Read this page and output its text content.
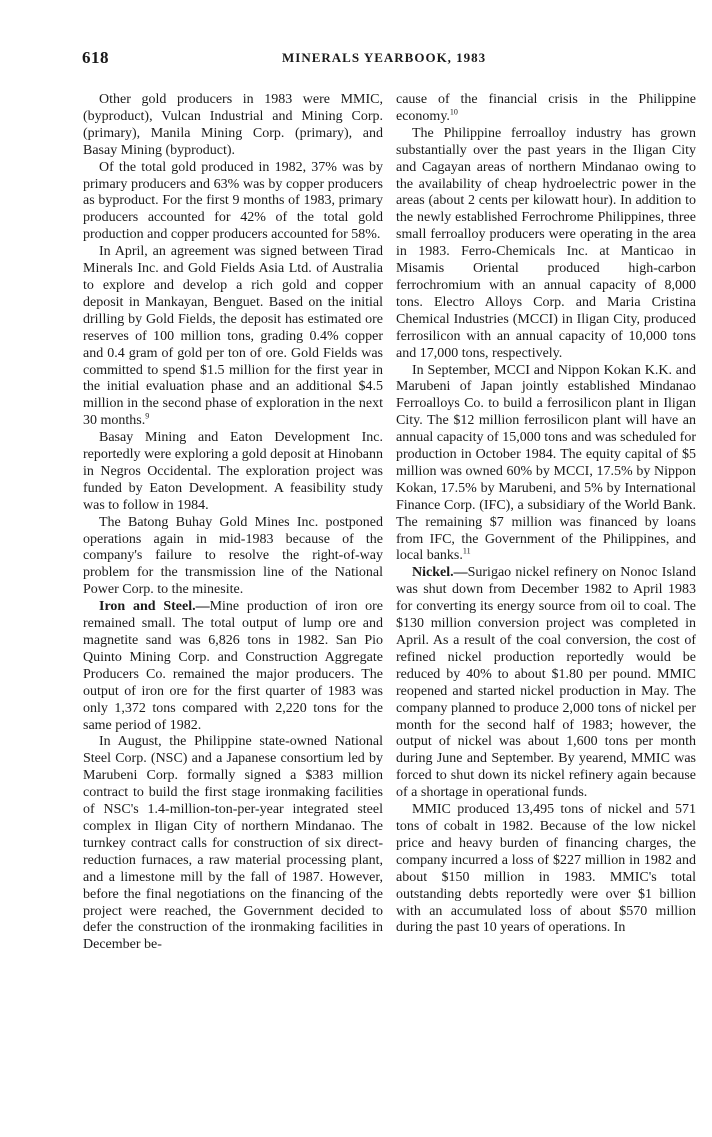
618	MINERALS YEARBOOK, 1983

Other gold producers in 1983 were MMIC, (byproduct), Vulcan Industrial and Mining Corp. (primary), Manila Mining Corp. (primary), and Basay Mining (byproduct).

Of the total gold produced in 1982, 37% was by primary producers and 63% was by copper producers as byproduct. For the first 9 months of 1983, primary producers accounted for 42% of the total gold production and copper producers accounted for 58%.

In April, an agreement was signed between Tirad Minerals Inc. and Gold Fields Asia Ltd. of Australia to explore and develop a rich gold and copper deposit in Mankayan, Benguet. Based on the initial drilling by Gold Fields, the deposit has estimated ore reserves of 100 million tons, grading 0.4% copper and 0.4 gram of gold per ton of ore. Gold Fields was committed to spend $1.5 million for the first year in the initial evaluation phase and an additional $4.5 million in the second phase of exploration in the next 30 months.$^9$

Basay Mining and Eaton Development Inc. reportedly were exploring a gold deposit at Hinobann in Negros Occidental. The exploration project was funded by Eaton Development. A feasibility study was to follow in 1984.

The Batong Buhay Gold Mines Inc. postponed operations again in mid-1983 because of the company's failure to resolve the right-of-way problem for the transmission line of the National Power Corp. to the minesite.

Iron and Steel.—Mine production of iron ore remained small. The total output of lump ore and magnetite sand was 6,826 tons in 1982. San Pio Quinto Mining Corp. and Construction Aggregate Producers Co. remained the major producers. The output of iron ore for the first quarter of 1983 was only 1,372 tons compared with 2,220 tons for the same period of 1982.

In August, the Philippine state-owned National Steel Corp. (NSC) and a Japanese consortium led by Marubeni Corp. formally signed a $383 million contract to build the first stage ironmaking facilities of NSC's 1.4-million-ton-per-year integrated steel complex in Iligan City of northern Mindanao. The turnkey contract calls for construction of six direct-reduction furnaces, a raw material processing plant, and a limestone mill by the fall of 1987. However, before the final negotiations on the financing of the project were reached, the Government decided to defer the construction of the ironmaking facilities in December be-

cause of the financial crisis in the Philippine economy.$^{10}$

The Philippine ferroalloy industry has grown substantially over the past years in the Iligan City and Cagayan areas of northern Mindanao owing to the availability of cheap hydroelectric power in the areas (about 2 cents per kilowatt hour). In addition to the newly established Ferrochrome Philippines, three small ferroalloy producers were operating in the area in 1983. Ferro-Chemicals Inc. at Manticao in Misamis Oriental produced high-carbon ferrochromium with an annual capacity of 8,000 tons. Electro Alloys Corp. and Maria Cristina Chemical Industries (MCCI) in Iligan City, produced ferrosilicon with an annual capacity of 10,000 tons and 17,000 tons, respectively.

In September, MCCI and Nippon Kokan K.K. and Marubeni of Japan jointly established Mindanao Ferroalloys Co. to build a ferrosilicon plant in Iligan City. The $12 million ferrosilicon plant will have an annual capacity of 15,000 tons and was scheduled for production in October 1984. The equity capital of $5 million was owned 60% by MCCI, 17.5% by Nippon Kokan, 17.5% by Marubeni, and 5% by International Finance Corp. (IFC), a subsidiary of the World Bank. The remaining $7 million was financed by loans from IFC, the Government of the Philippines, and local banks.$^{11}$

Nickel.—Surigao nickel refinery on Nonoc Island was shut down from December 1982 to April 1983 for converting its energy source from oil to coal. The $130 million conversion project was completed in April. As a result of the coal conversion, the cost of refined nickel production reportedly would be reduced by 40% to about $1.80 per pound. MMIC reopened and started nickel production in May. The company planned to produce 2,000 tons of nickel per month for the second half of 1983; however, the output of nickel was about 1,600 tons per month during June and September. By yearend, MMIC was forced to shut down its nickel refinery again because of a shortage in operational funds.

MMIC produced 13,495 tons of nickel and 571 tons of cobalt in 1982. Because of the low nickel price and heavy burden of financing charges, the company incurred a loss of $227 million in 1982 and about $150 million in 1983. MMIC's total outstanding debts reportedly were over $1 billion with an accumulated loss of about $570 million during the past 10 years of operations. In
